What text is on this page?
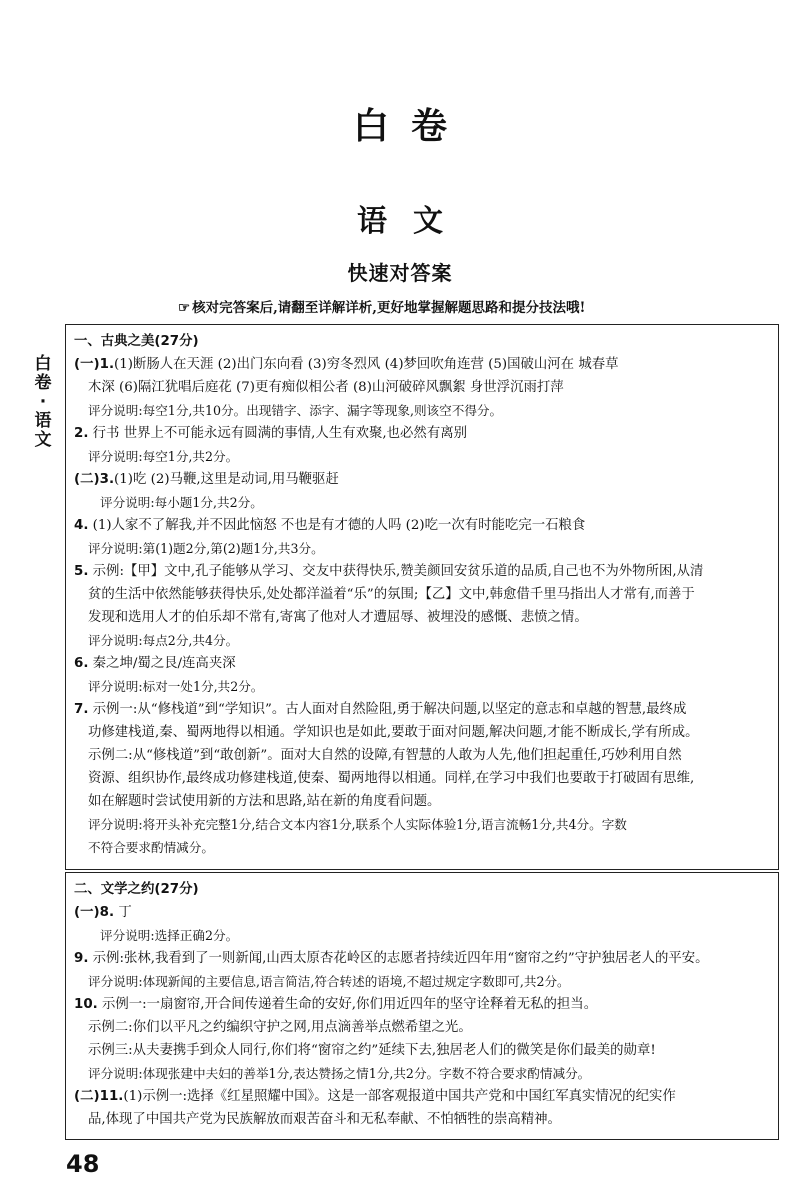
白卷
语文
快速对答案
☞ 核对完答案后,请翻至详解详析,更好地掌握解题思路和提分技法哦!
白卷
·
语文
一、古典之美(27分)
(一)1.(1)断肠人在天涯 (2)出门东向看 (3)穷冬烈风 (4)梦回吹角连营 (5)国破山河在 城春草
木深 (6)隔江犹唱后庭花 (7)更有痴似相公者 (8)山河破碎风飘絮 身世浮沉雨打萍
评分说明:每空1分,共10分。出现错字、添字、漏字等现象,则该空不得分。
2. 行书 世界上不可能永远有圆满的事情,人生有欢聚,也必然有离别
评分说明:每空1分,共2分。
(二)3.(1)吃 (2)马鞭,这里是动词,用马鞭驱赶
评分说明:每小题1分,共2分。
4. (1)人家不了解我,并不因此恼怒 不也是有才德的人吗 (2)吃一次有时能吃完一石粮食
评分说明:第(1)题2分,第(2)题1分,共3分。
5. 示例:【甲】文中,孔子能够从学习、交友中获得快乐,赞美颜回安贫乐道的品质,自己也不为外物所困,从清
贫的生活中依然能够获得快乐,处处都洋溢着“乐”的氛围;【乙】文中,韩愈借千里马指出人才常有,而善于
发现和选用人才的伯乐却不常有,寄寓了他对人才遭屈辱、被埋没的感慨、悲愤之情。
评分说明:每点2分,共4分。
6. 秦之坤/蜀之艮/连高夹深
评分说明:标对一处1分,共2分。
7. 示例一:从“修栈道”到“学知识”。古人面对自然险阻,勇于解决问题,以坚定的意志和卓越的智慧,最终成
功修建栈道,秦、蜀两地得以相通。学知识也是如此,要敢于面对问题,解决问题,才能不断成长,学有所成。
示例二:从“修栈道”到“敢创新”。面对大自然的设障,有智慧的人敢为人先,他们担起重任,巧妙利用自然
资源、组织协作,最终成功修建栈道,使秦、蜀两地得以相通。同样,在学习中我们也要敢于打破固有思维,
如在解题时尝试使用新的方法和思路,站在新的角度看问题。
评分说明:将开头补充完整1分,结合文本内容1分,联系个人实际体验1分,语言流畅1分,共4分。字数
不符合要求酌情减分。
二、文学之约(27分)
(一)8. 丁
评分说明:选择正确2分。
9. 示例:张林,我看到了一则新闻,山西太原杏花岭区的志愿者持续近四年用“窗帘之约”守护独居老人的平安。
评分说明:体现新闻的主要信息,语言简洁,符合转述的语境,不超过规定字数即可,共2分。
10. 示例一:一扇窗帘,开合间传递着生命的安好,你们用近四年的坚守诠释着无私的担当。
示例二:你们以平凡之约编织守护之网,用点滴善举点燃希望之光。
示例三:从夫妻携手到众人同行,你们将“窗帘之约”延续下去,独居老人们的微笑是你们最美的勋章!
评分说明:体现张建中夫妇的善举1分,表达赞扬之情1分,共2分。字数不符合要求酌情减分。
(二)11.(1)示例一:选择《红星照耀中国》。这是一部客观报道中国共产党和中国红军真实情况的纪实作
品,体现了中国共产党为民族解放而艰苦奋斗和无私奉献、不怕牺牲的崇高精神。
48
